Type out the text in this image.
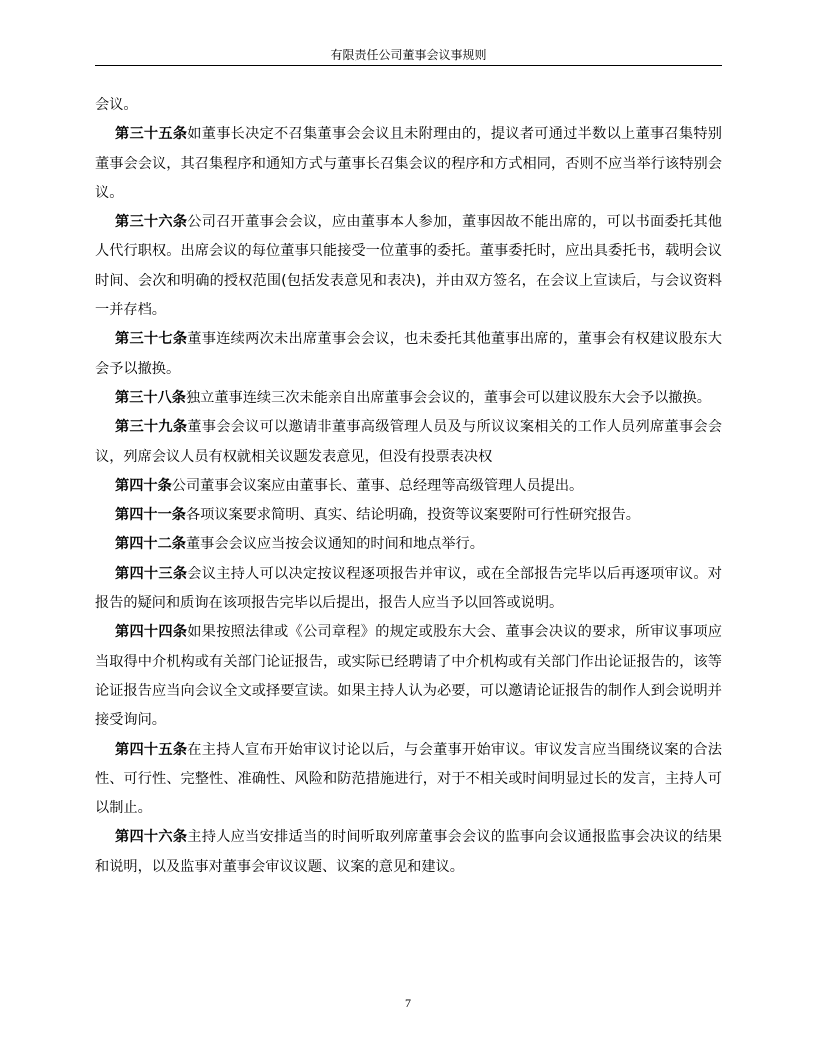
有限责任公司董事会议事规则

会议。

第三十五条如董事长决定不召集董事会会议且未附理由的，提议者可通过半数以上董事召集特别董事会会议，其召集程序和通知方式与董事长召集会议的程序和方式相同，否则不应当举行该特别会议。

第三十六条公司召开董事会会议，应由董事本人参加，董事因故不能出席的，可以书面委托其他人代行职权。出席会议的每位董事只能接受一位董事的委托。董事委托时，应出具委托书，载明会议时间、会次和明确的授权范围(包括发表意见和表决)，并由双方签名，在会议上宣读后，与会议资料一并存档。

第三十七条董事连续两次未出席董事会会议，也未委托其他董事出席的，董事会有权建议股东大会予以撤换。

第三十八条独立董事连续三次未能亲自出席董事会会议的，董事会可以建议股东大会予以撤换。

第三十九条董事会会议可以邀请非董事高级管理人员及与所议议案相关的工作人员列席董事会会议，列席会议人员有权就相关议题发表意见，但没有投票表决权

第四十条公司董事会议案应由董事长、董事、总经理等高级管理人员提出。

第四十一条各项议案要求简明、真实、结论明确，投资等议案要附可行性研究报告。

第四十二条董事会会议应当按会议通知的时间和地点举行。

第四十三条会议主持人可以决定按议程逐项报告并审议，或在全部报告完毕以后再逐项审议。对报告的疑问和质询在该项报告完毕以后提出，报告人应当予以回答或说明。

第四十四条如果按照法律或《公司章程》的规定或股东大会、董事会决议的要求，所审议事项应当取得中介机构或有关部门论证报告，或实际已经聘请了中介机构或有关部门作出论证报告的，该等论证报告应当向会议全文或择要宣读。如果主持人认为必要，可以邀请论证报告的制作人到会说明并接受询问。

第四十五条在主持人宣布开始审议讨论以后，与会董事开始审议。审议发言应当围绕议案的合法性、可行性、完整性、准确性、风险和防范措施进行，对于不相关或时间明显过长的发言，主持人可以制止。

第四十六条主持人应当安排适当的时间听取列席董事会会议的监事向会议通报监事会决议的结果和说明，以及监事对董事会审议议题、议案的意见和建议。

7
